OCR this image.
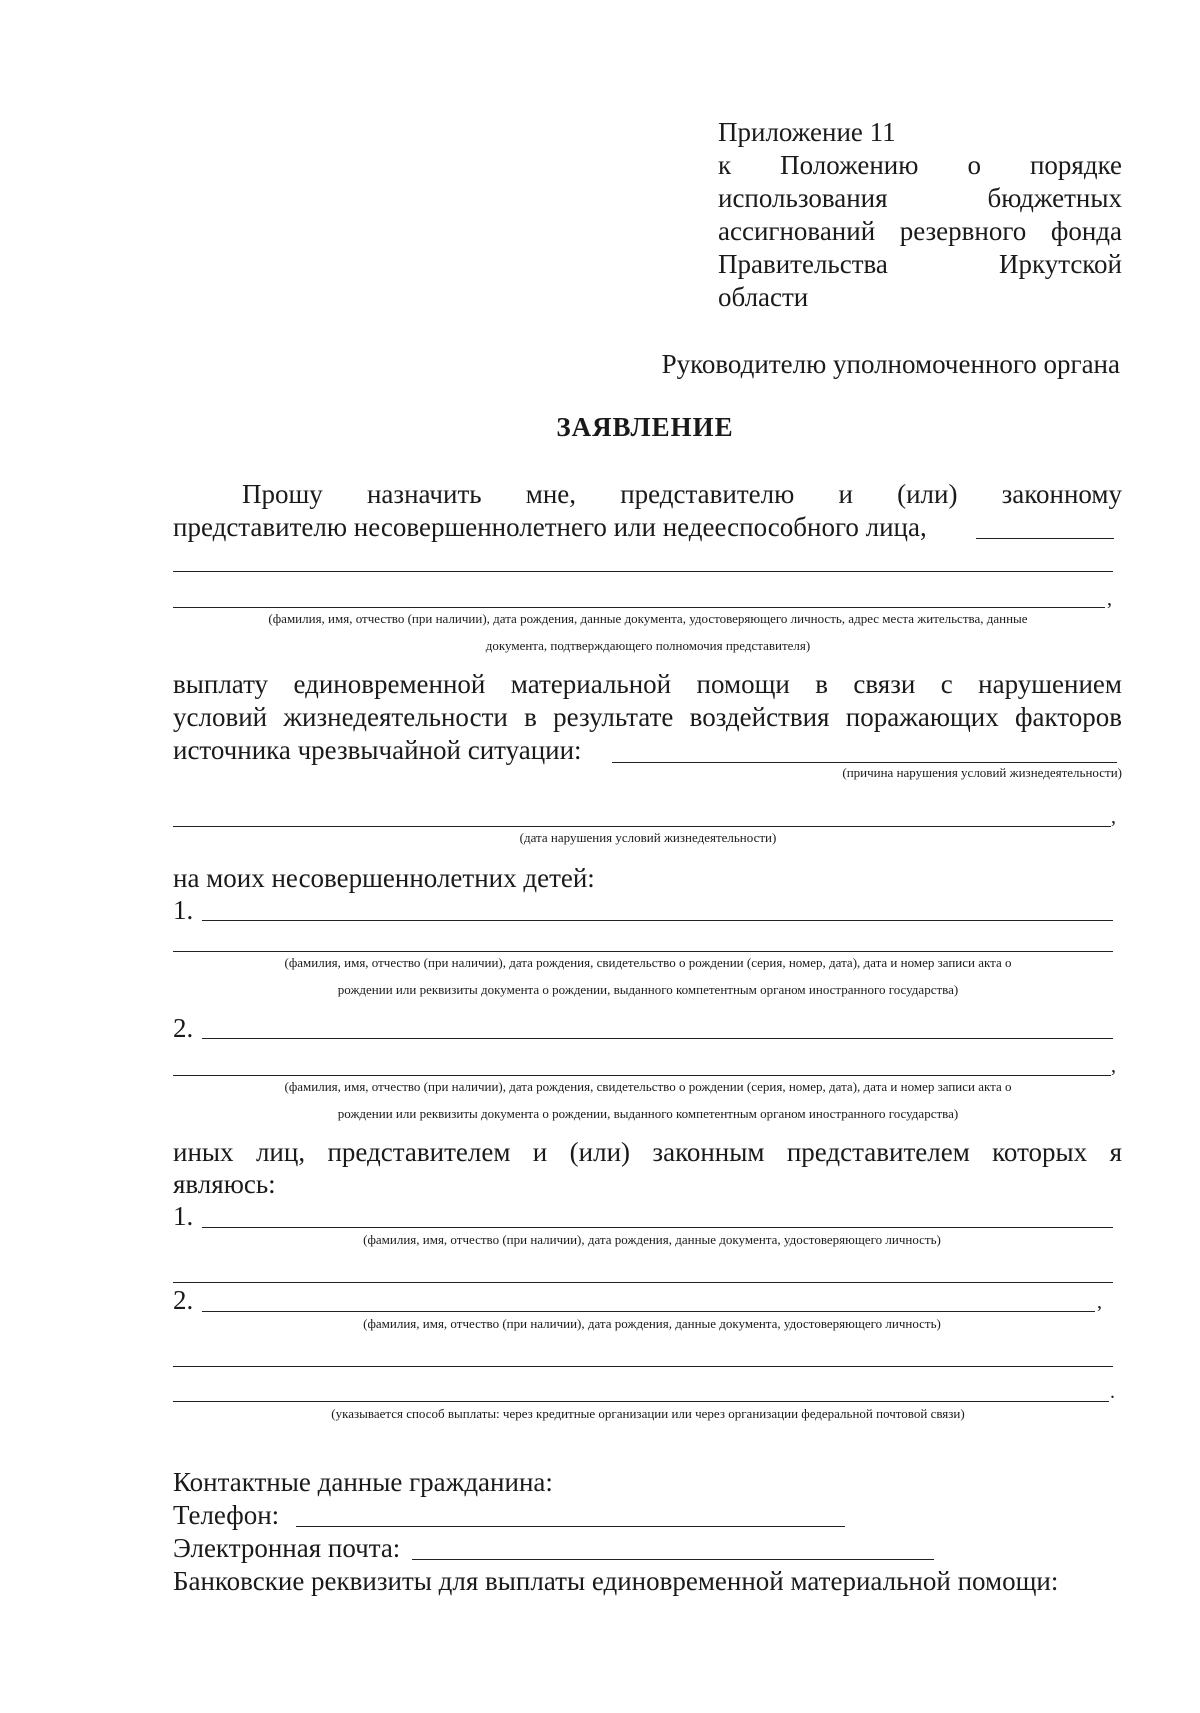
Приложение 11
к Положению о порядке
использования бюджетных
ассигнований резервного фонда
Правительства Иркутской
области
Руководителю уполномоченного органа
ЗАЯВЛЕНИЕ
Прошу назначить мне, представителю и (или) законному
представителю несовершеннолетнего или недееспособного лица,
,
(фамилия, имя, отчество (при наличии), дата рождения, данные документа, удостоверяющего личность, адрес места жительства, данные
документа, подтверждающего полномочия представителя)
выплату единовременной материальной помощи в связи с нарушением
условий жизнедеятельности в результате воздействия поражающих факторов
источника чрезвычайной ситуации:
(причина нарушения условий жизнедеятельности)
,
(дата нарушения условий жизнедеятельности)
на моих несовершеннолетних детей:
1.
(фамилия, имя, отчество (при наличии), дата рождения, свидетельство о рождении (серия, номер, дата), дата и номер записи акта о
рождении или реквизиты документа о рождении, выданного компетентным органом иностранного государства)
2.
,
(фамилия, имя, отчество (при наличии), дата рождения, свидетельство о рождении (серия, номер, дата), дата и номер записи акта о
рождении или реквизиты документа о рождении, выданного компетентным органом иностранного государства)
иных лиц, представителем и (или) законным представителем которых я
являюсь:
1.
(фамилия, имя, отчество (при наличии), дата рождения, данные документа, удостоверяющего личность)
2.	,
(фамилия, имя, отчество (при наличии), дата рождения, данные документа, удостоверяющего личность)
.
(указывается способ выплаты: через кредитные организации или через организации федеральной почтовой связи)
Контактные данные гражданина:
Телефон:
Электронная почта:
Банковские реквизиты для выплаты единовременной материальной помощи:
